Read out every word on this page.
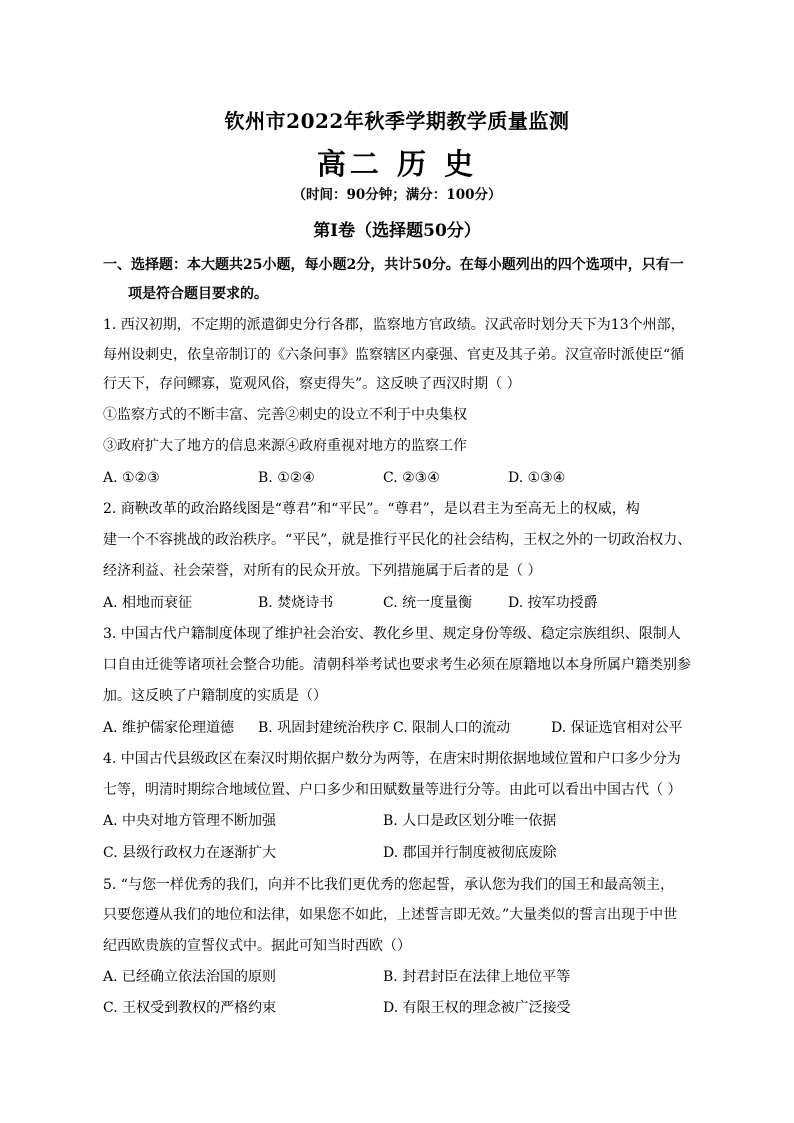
钦州市2022年秋季学期教学质量监测
高二 历 史
（时间：90分钟；满分：100分）
第Ⅰ卷（选择题50分）
一、选择题：本大题共25小题，每小题2分，共计50分。在每小题列出的四个选项中，只有一
项是符合题目要求的。
1. 西汉初期，不定期的派遣御史分行各郡，监察地方官政绩。汉武帝时划分天下为13个州部，
每州设刺史，依皇帝制订的《六条问事》监察辖区内豪强、官吏及其子弟。汉宣帝时派使臣“循
行天下，存问鳏寡，览观风俗，察吏得失”。这反映了西汉时期（ ）
①监察方式的不断丰富、完善②刺史的设立不利于中央集权
③政府扩大了地方的信息来源④政府重视对地方的监察工作
A. ①②③	B. ①②④	C. ②③④	D. ①③④
2. 商鞅改革的政治路线图是“尊君”和“平民”。“尊君”，是以君主为至高无上的权威，构
建一个不容挑战的政治秩序。“平民”，就是推行平民化的社会结构，王权之外的一切政治权力、
经济利益、社会荣誉，对所有的民众开放。下列措施属于后者的是（ ）
A. 相地而衰征	B. 焚烧诗书	C. 统一度量衡	D. 按军功授爵
3. 中国古代户籍制度体现了维护社会治安、教化乡里、规定身份等级、稳定宗族组织、限制人
口自由迁徙等诸项社会整合功能。清朝科举考试也要求考生必须在原籍地以本身所属户籍类别参
加。这反映了户籍制度的实质是（）
A. 维护儒家伦理道德 B. 巩固封建统治秩序 C. 限制人口的流动	D. 保证选官相对公平
4. 中国古代县级政区在秦汉时期依据户数分为两等，在唐宋时期依据地域位置和户口多少分为
七等，明清时期综合地域位置、户口多少和田赋数量等进行分等。由此可以看出中国古代（ ）
A. 中央对地方管理不断加强	B. 人口是政区划分唯一依据
C. 县级行政权力在逐渐扩大	D. 郡国并行制度被彻底废除
5. “与您一样优秀的我们，向并不比我们更优秀的您起誓，承认您为我们的国王和最高领主，
只要您遵从我们的地位和法律，如果您不如此，上述誓言即无效。”大量类似的誓言出现于中世
纪西欧贵族的宣誓仪式中。据此可知当时西欧（）
A. 已经确立依法治国的原则	B. 封君封臣在法律上地位平等
C. 王权受到教权的严格约束	D. 有限王权的理念被广泛接受
